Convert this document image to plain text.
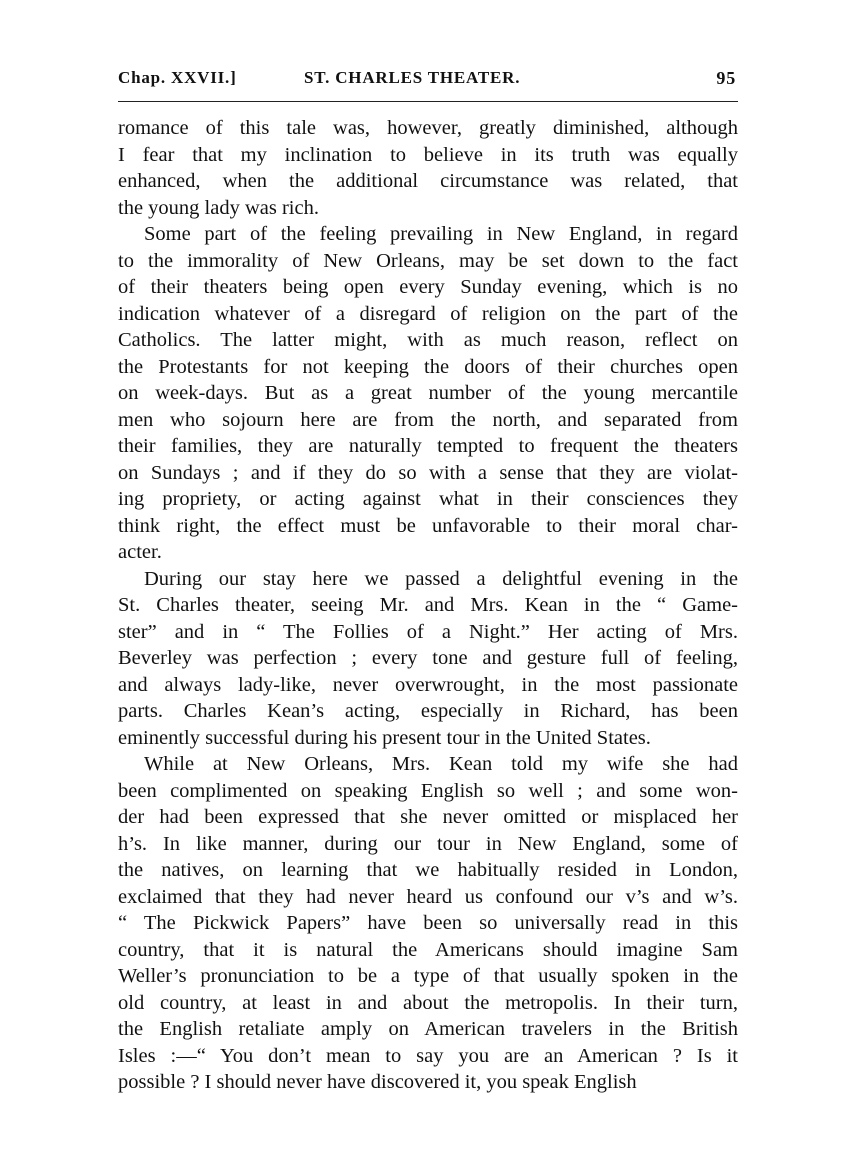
Chap. XXVII.]	ST. CHARLES THEATER.	95
romance of this tale was, however, greatly diminished, although
I fear that my inclination to believe in its truth was equally
enhanced, when the additional circumstance was related, that
the young lady was rich.
Some part of the feeling prevailing in New England, in regard
to the immorality of New Orleans, may be set down to the fact
of their theaters being open every Sunday evening, which is no
indication whatever of a disregard of religion on the part of the
Catholics. The latter might, with as much reason, reflect on
the Protestants for not keeping the doors of their churches open
on week-days. But as a great number of the young mercantile
men who sojourn here are from the north, and separated from
their families, they are naturally tempted to frequent the theaters
on Sundays ; and if they do so with a sense that they are violat-
ing propriety, or acting against what in their consciences they
think right, the effect must be unfavorable to their moral char-
acter.
During our stay here we passed a delightful evening in the
St. Charles theater, seeing Mr. and Mrs. Kean in the “ Game-
ster” and in “ The Follies of a Night.” Her acting of Mrs.
Beverley was perfection ; every tone and gesture full of feeling,
and always lady-like, never overwrought, in the most passionate
parts. Charles Kean’s acting, especially in Richard, has been
eminently successful during his present tour in the United States.
While at New Orleans, Mrs. Kean told my wife she had
been complimented on speaking English so well ; and some won-
der had been expressed that she never omitted or misplaced her
h’s. In like manner, during our tour in New England, some of
the natives, on learning that we habitually resided in London,
exclaimed that they had never heard us confound our v’s and w’s.
“ The Pickwick Papers” have been so universally read in this
country, that it is natural the Americans should imagine Sam
Weller’s pronunciation to be a type of that usually spoken in the
old country, at least in and about the metropolis. In their turn,
the English retaliate amply on American travelers in the British
Isles :—“ You don’t mean to say you are an American ? Is it
possible ? I should never have discovered it, you speak English
